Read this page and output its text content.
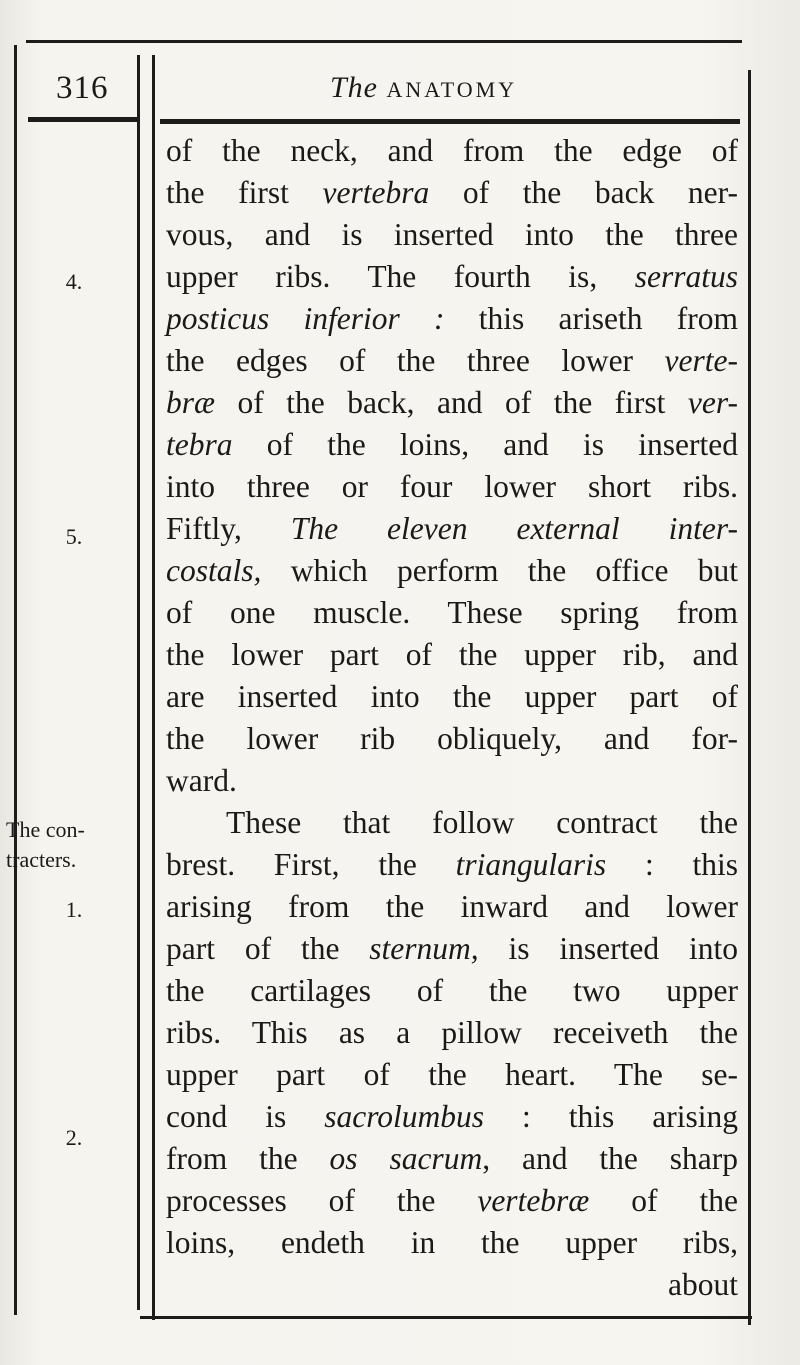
316	The ANATOMY
4.
5.
1.
2.
The con-
tracters.
of the neck, and from the edge of
the first vertebra of the back ner-
vous, and is inserted into the three
upper ribs. The fourth is, serratus
posticus inferior : this ariseth from
the edges of the three lower verte-
bræ of the back, and of the first ver-
tebra of the loins, and is inserted
into three or four lower short ribs.
Fiftly, The eleven external inter-
costals, which perform the office but
of one muscle. These spring from
the lower part of the upper rib, and
are inserted into the upper part of
the lower rib obliquely, and for-
ward.
These that follow contract the
brest. First, the triangularis : this
arising from the inward and lower
part of the sternum, is inserted into
the cartilages of the two upper
ribs. This as a pillow receiveth the
upper part of the heart. The se-
cond is sacrolumbus : this arising
from the os sacrum, and the sharp
processes of the vertebræ of the
loins, endeth in the upper ribs,
about
